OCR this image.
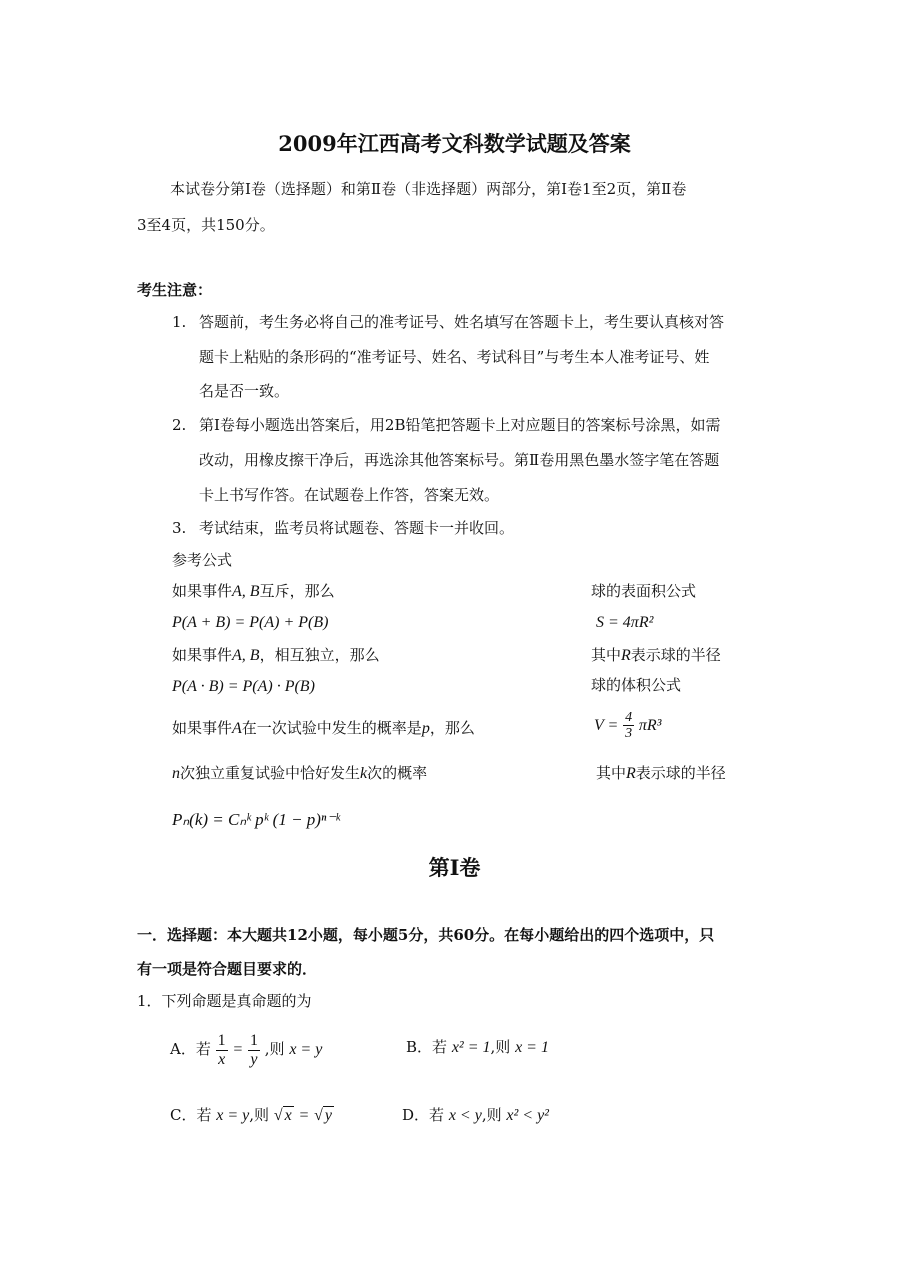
2009年江西高考文科数学试题及答案
本试卷分第Ⅰ卷（选择题）和第Ⅱ卷（非选择题）两部分，第Ⅰ卷1至2页，第Ⅱ卷
3至4页，共150分。
考生注意：
1. 答题前，考生务必将自己的准考证号、姓名填写在答题卡上，考生要认真核对答
题卡上粘贴的条形码的“准考证号、姓名、考试科目”与考生本人准考证号、姓
名是否一致。
2. 第Ⅰ卷每小题选出答案后，用2B铅笔把答题卡上对应题目的答案标号涂黑，如需
改动，用橡皮擦干净后，再选涂其他答案标号。第Ⅱ卷用黑色墨水签字笔在答题
卡上书写作答。在试题卷上作答，答案无效。
3. 考试结束，监考员将试题卷、答题卡一并收回。
参考公式
如果事件A, B互斥，那么
P(A + B) = P(A) + P(B)
如果事件A, B，相互独立，那么
P(A · B) = P(A) · P(B)
如果事件A在一次试验中发生的概率是p，那么
n次独立重复试验中恰好发生k次的概率
Pₙ(k) = Cₙᵏ pᵏ (1 − p)ⁿ⁻ᵏ
球的表面积公式
S = 4πR²
其中R表示球的半径
球的体积公式
$V = \frac{4}{3} \pi R^3$
其中R表示球的半径
第Ⅰ卷
一．选择题：本大题共12小题，每小题5分，共60分。在每小题给出的四个选项中，只
有一项是符合题目要求的．
1．下列命题是真命题的为
A．若 $\frac{1}{x} = \frac{1}{y}$ ,则 x = y	B．若 x² = 1,则 x = 1
C．若 x = y,则 √ x = √ y	D．若 x < y,则 x² < y²
